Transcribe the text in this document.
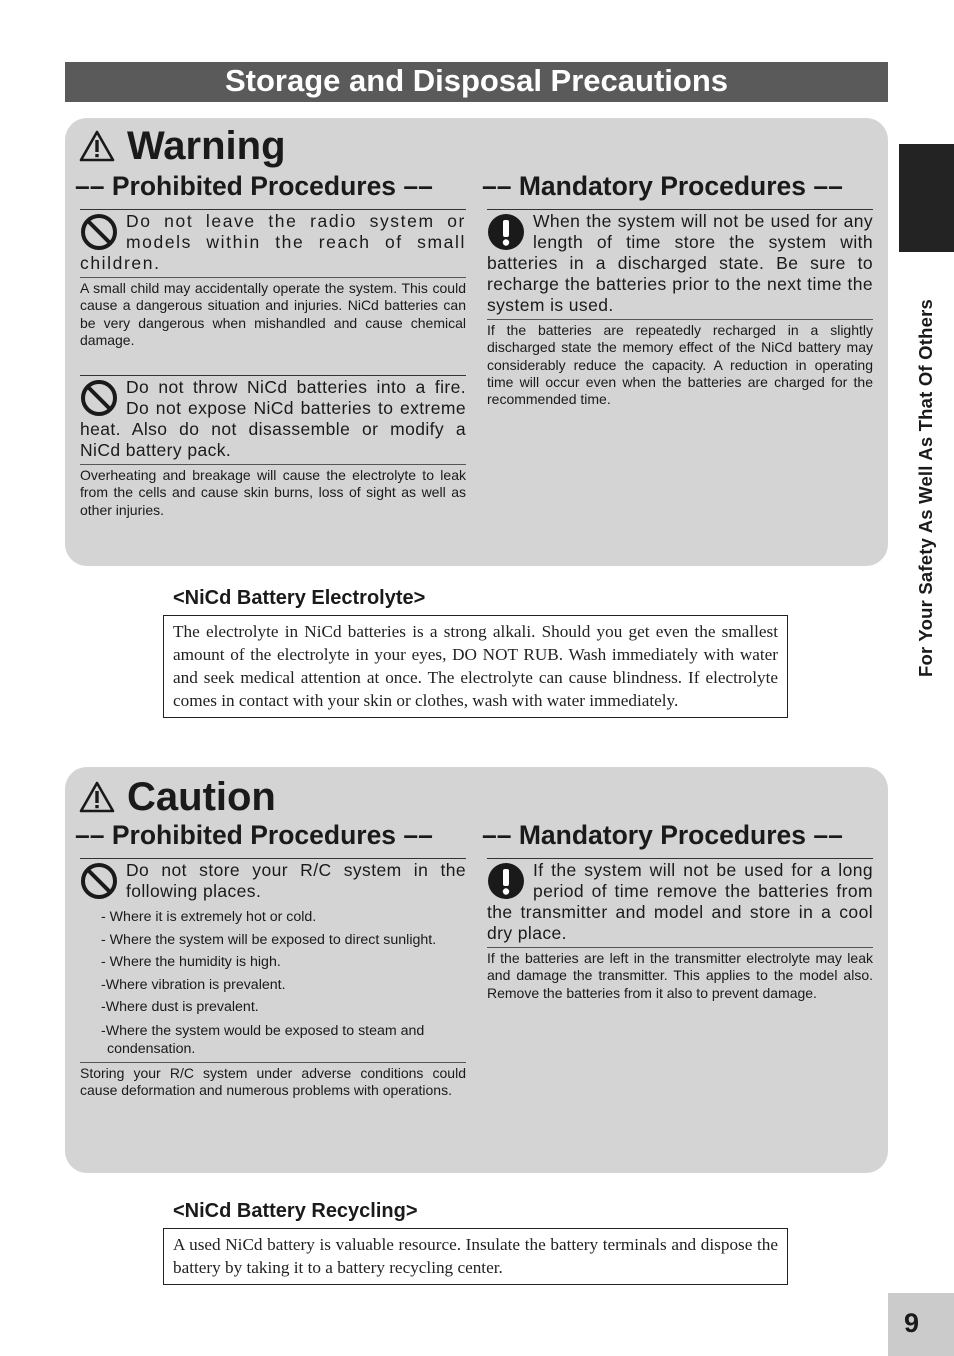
Storage and Disposal Precautions
Warning
–– Prohibited Procedures ––
Do not leave the radio system or models within the reach of small children.
A small child may accidentally operate the system. This could cause a dangerous situation and injuries. NiCd batteries can be very dangerous when mishandled and cause chemical damage.
Do not throw NiCd batteries into a fire. Do not expose NiCd batteries to extreme heat. Also do not disassemble or modify a NiCd battery pack.
Overheating and breakage will cause the electrolyte to leak from the cells and cause skin burns, loss of sight as well as other injuries.
–– Mandatory Procedures ––
When the system will not be used for any length of time store the system with batteries in a discharged state. Be sure to recharge the batteries prior to the next time the system is used.
If the batteries are repeatedly recharged in a slightly discharged state the memory effect of the NiCd battery may considerably reduce the capacity. A reduction in operating time will occur even when the batteries are charged for the recommended time.
<NiCd Battery Electrolyte>
The electrolyte in NiCd batteries is a strong alkali. Should you get even the smallest amount of the electrolyte in your eyes, DO NOT RUB. Wash immediately with water and seek medical attention at once. The electrolyte can cause blindness. If electrolyte comes in contact with your skin or clothes, wash with water immediately.
Caution
–– Prohibited Procedures ––
Do not store your R/C system in the following places.
- Where it is extremely hot or cold.
- Where the system will be exposed to direct sunlight.
- Where the humidity is high.
-Where vibration is prevalent.
-Where dust is prevalent.
-Where the system would be exposed to steam and condensation.
Storing your R/C system under adverse conditions could cause deformation and numerous problems with operations.
–– Mandatory Procedures ––
If the system will not be used for a long period of time remove the batteries from the transmitter and model and store in a cool dry place.
If the batteries are left in the transmitter electrolyte may leak and damage the transmitter. This applies to the model also. Remove the batteries from it also to prevent damage.
<NiCd Battery Recycling>
A used NiCd battery is valuable resource. Insulate the battery terminals and dispose the battery by taking it to a battery recycling center.
For Your Safety As Well As That Of Others
9
